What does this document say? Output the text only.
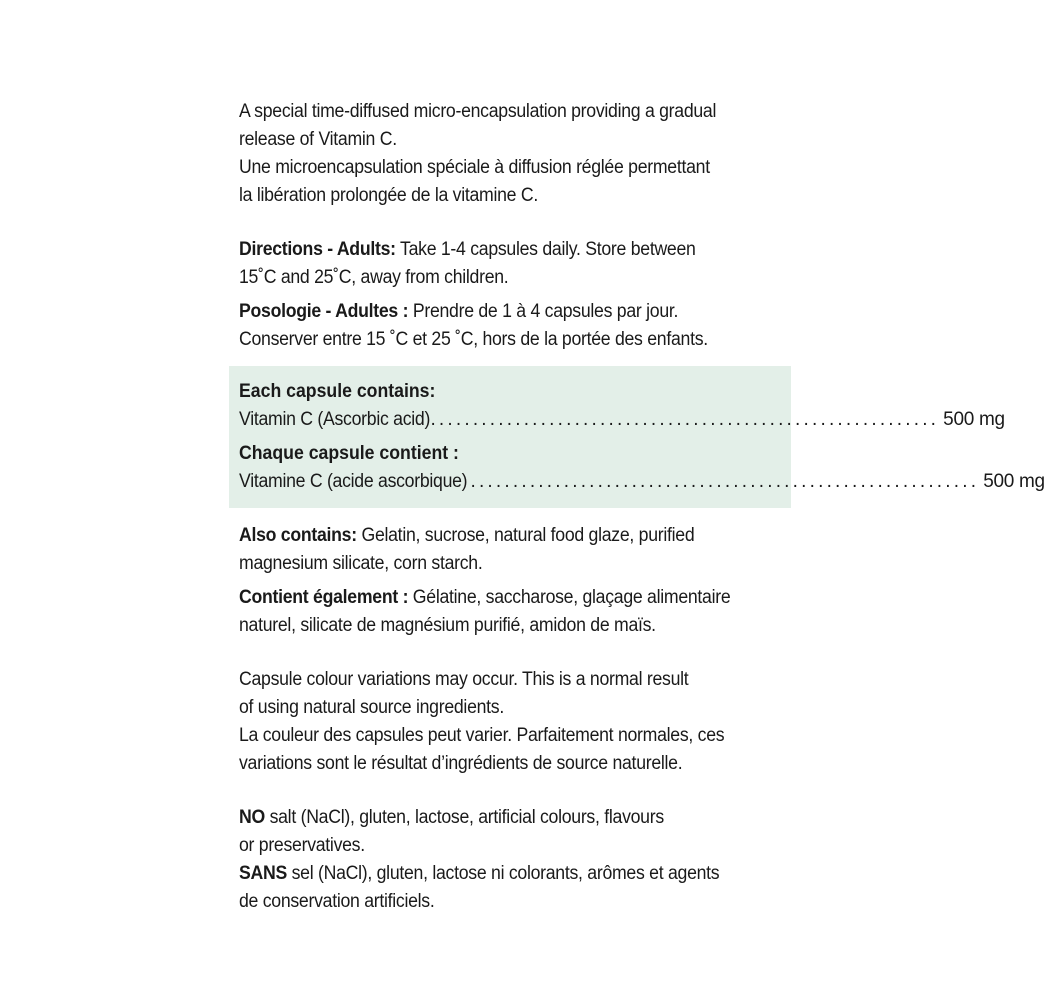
A special time-diffused micro-encapsulation providing a gradual
release of Vitamin C.
Une microencapsulation spéciale à diffusion réglée permettant
la libération prolongée de la vitamine C.
Directions - Adults: Take 1-4 capsules daily. Store between
15˚C and 25˚C, away from children.
Posologie - Adultes : Prendre de 1 à 4 capsules par jour.
Conserver entre 15 ˚C et 25 ˚C, hors de la portée des enfants.
Each capsule contains:
Vitamin C (Ascorbic acid) ............................................................ 500 mg
Chaque capsule contient :
Vitamine C (acide ascorbique) ............................................................ 500 mg
Also contains: Gelatin, sucrose, natural food glaze, purified
magnesium silicate, corn starch.
Contient également : Gélatine, saccharose, glaçage alimentaire
naturel, silicate de magnésium purifié, amidon de maïs.
Capsule colour variations may occur. This is a normal result
of using natural source ingredients.
La couleur des capsules peut varier. Parfaitement normales, ces
variations sont le résultat d’ingrédients de source naturelle.
NO salt (NaCl), gluten, lactose, artificial colours, flavours
or preservatives.
SANS sel (NaCl), gluten, lactose ni colorants, arômes et agents
de conservation artificiels.
